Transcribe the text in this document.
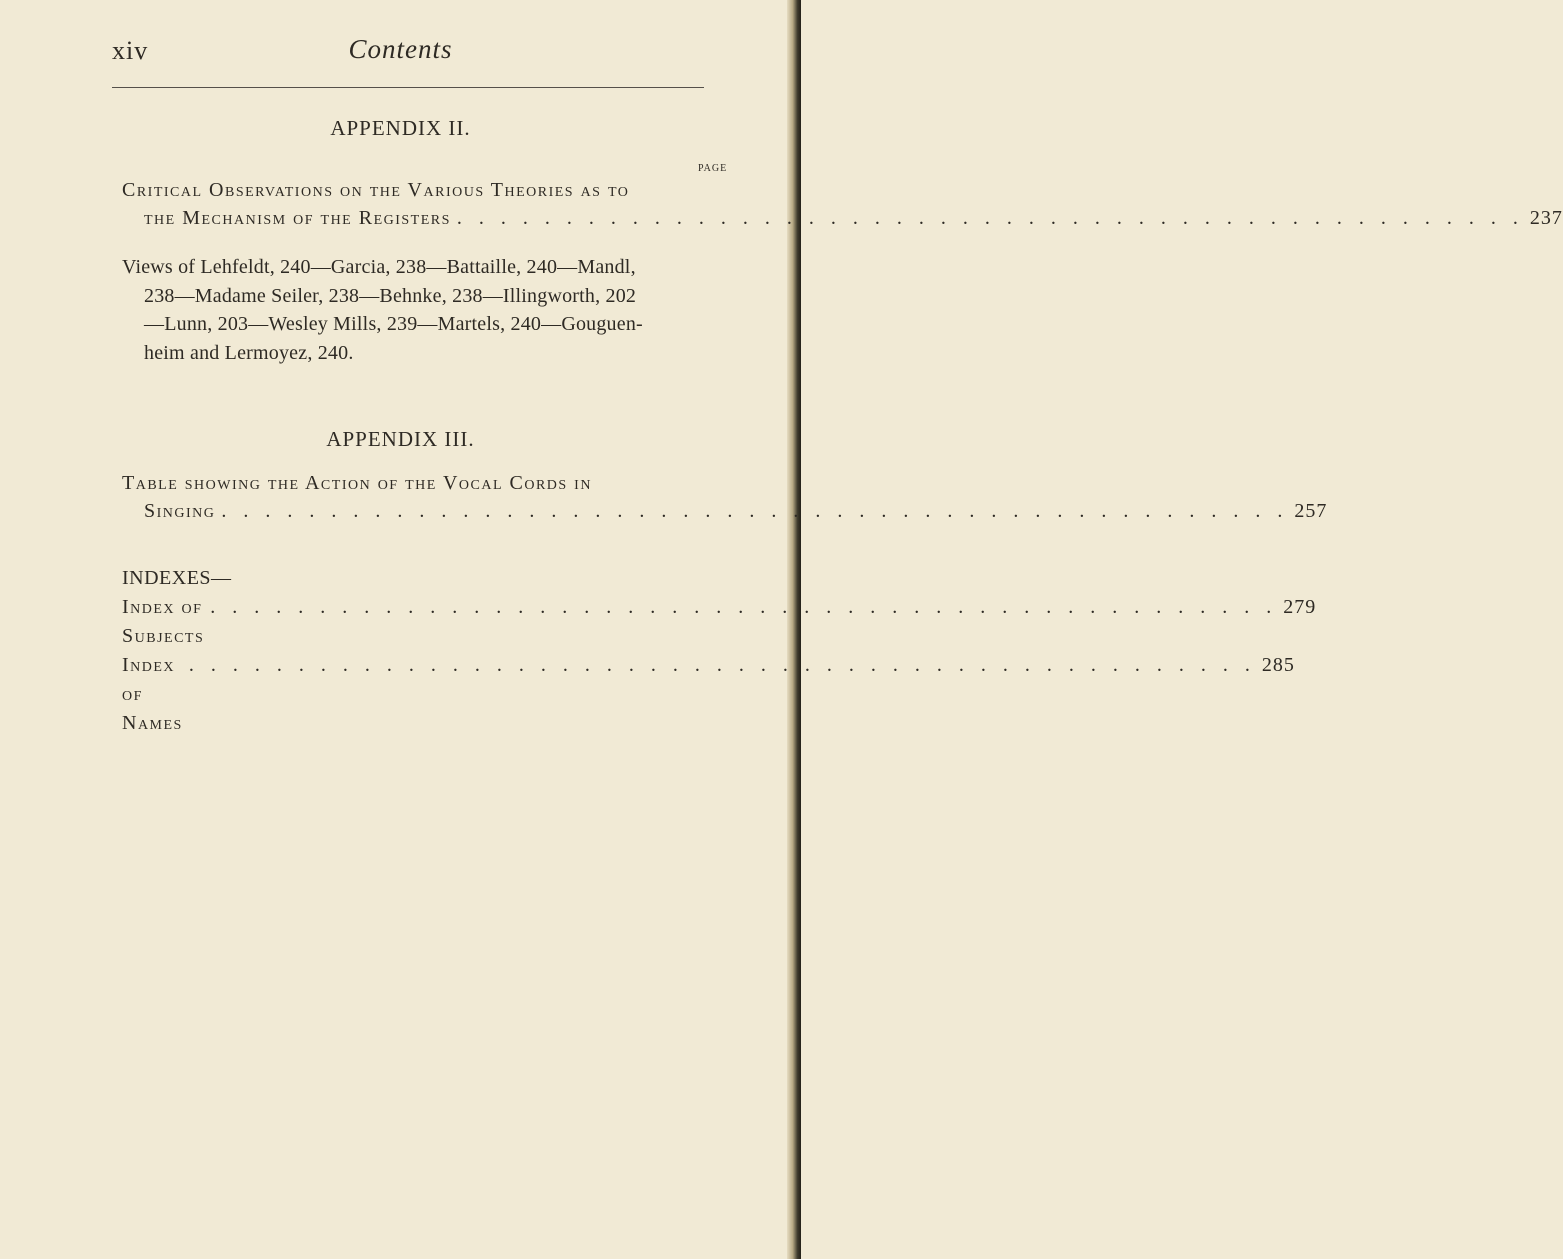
xiv	Contents
APPENDIX II.
PAGE
Critical Observations on the Various Theories as to
the Mechanism of the Registers . . . . . . . . . . . . . . . . . . . . . . . . . . . . . . . . . . . . . . . . . . . . . . . . . 237
Views of Lehfeldt, 240—Garcia, 238—Battaille, 240—Mandl,
238—Madame Seiler, 238—Behnke, 238—Illingworth, 202
—Lunn, 203—Wesley Mills, 239—Martels, 240—Gouguen-
heim and Lermoyez, 240.
APPENDIX III.
Table showing the Action of the Vocal Cords in
Singing . . . . . . . . . . . . . . . . . . . . . . . . . . . . . . . . . . . . . . . . . . . . . . . . . 257
INDEXES—
Index of Subjects
. . . . . . . . . . . . . . . . . . . . . . . . . . . . . . . . . . . . . . . . . . . . . . . . . 279
Index of Names
. . . . . . . . . . . . . . . . . . . . . . . . . . . . . . . . . . . . . . . . . . . . . . . . . 285
